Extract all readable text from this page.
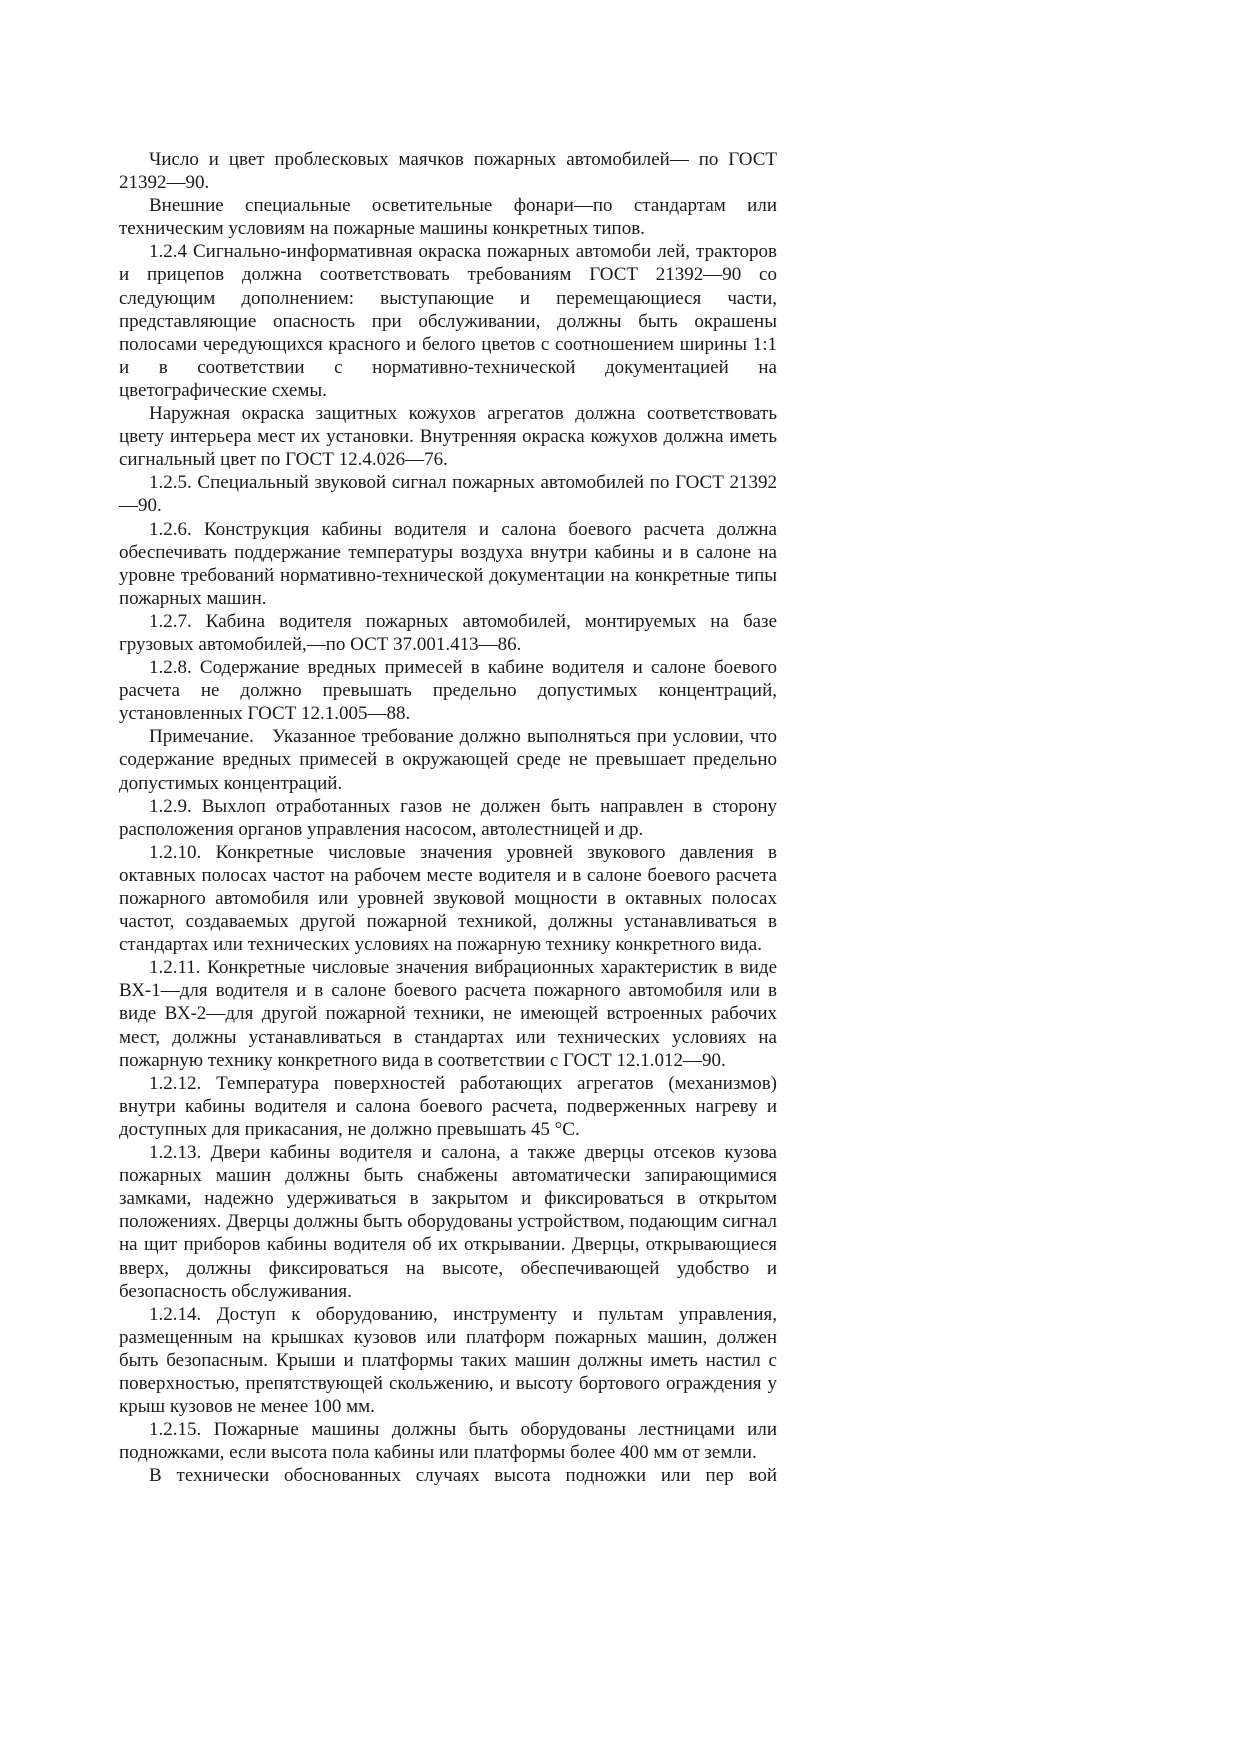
Число и цвет проблесковых маячков пожарных автомобилей— по ГОСТ 21392—90.

Внешние специальные осветительные фонари—по стандартам или техническим условиям на пожарные машины конкретных типов.

1.2.4 Сигнально-информативная окраска пожарных автомоби лей, тракторов и прицепов должна соответствовать требованиям ГОСТ 21392—90 со следующим дополнением: выступающие и перемещающиеся части, представляющие опасность при обслуживании, должны быть окрашены полосами чередующихся красного и белого цветов с соотношением ширины 1:1 и в соответствии с нормативно-технической документацией на цветографические схемы.

Наружная окраска защитных кожухов агрегатов должна соответствовать цвету интерьера мест их установки. Внутренняя окраска кожухов должна иметь сигнальный цвет по ГОСТ 12.4.026—76.

1.2.5. Специальный звуковой сигнал пожарных автомобилей по ГОСТ 21392—90.

1.2.6. Конструкция кабины водителя и салона боевого расчета должна обеспечивать поддержание температуры воздуха внутри кабины и в салоне на уровне требований нормативно-технической документации на конкретные типы пожарных машин.

1.2.7. Кабина водителя пожарных автомобилей, монтируемых на базе грузовых автомобилей,—по ОСТ 37.001.413—86.

1.2.8. Содержание вредных примесей в кабине водителя и салоне боевого расчета не должно превышать предельно допустимых концентраций, установленных ГОСТ 12.1.005—88.

Примечание.   Указанное требование должно выполняться при условии, что содержание вредных примесей в окружающей среде не превышает предельно допустимых концентраций.

1.2.9. Выхлоп отработанных газов не должен быть направлен в сторону расположения органов управления насосом, автолестницей и др.

1.2.10. Конкретные числовые значения уровней звукового давления в октавных полосах частот на рабочем месте водителя и в салоне боевого расчета пожарного автомобиля или уровней звуковой мощности в октавных полосах частот, создаваемых другой пожарной техникой, должны устанавливаться в стандартах или технических условиях на пожарную технику конкретного вида.

1.2.11. Конкретные числовые значения вибрационных характеристик в виде ВХ-1—для водителя и в салоне боевого расчета пожарного автомобиля или в виде ВХ-2—для другой пожарной техники, не имеющей встроенных рабочих мест, должны устанавливаться в стандартах или технических условиях на пожарную технику конкретного вида в соответствии с ГОСТ 12.1.012—90.

1.2.12. Температура поверхностей работающих агрегатов (механизмов) внутри кабины водителя и салона боевого расчета, подверженных нагреву и доступных для прикасания, не должно превышать 45 °С.

1.2.13. Двери кабины водителя и салона, а также дверцы отсеков кузова пожарных машин должны быть снабжены автоматически запирающимися замками, надежно удерживаться в закрытом и фиксироваться в открытом положениях. Дверцы должны быть оборудованы устройством, подающим сигнал на щит приборов кабины водителя об их открывании. Дверцы, открывающиеся вверх, должны фиксироваться на высоте, обеспечивающей удобство и безопасность обслуживания.

1.2.14. Доступ к оборудованию, инструменту и пультам управления, размещенным на крышках кузовов или платформ пожарных машин, должен быть безопасным. Крыши и платформы таких машин должны иметь настил с поверхностью, препятствующей скольжению, и высоту бортового ограждения у крыш кузовов не менее 100 мм.

1.2.15. Пожарные машины должны быть оборудованы лестницами или подножками, если высота пола кабины или платформы более 400 мм от земли.

В технически обоснованных случаях высота подножки или пер вой
